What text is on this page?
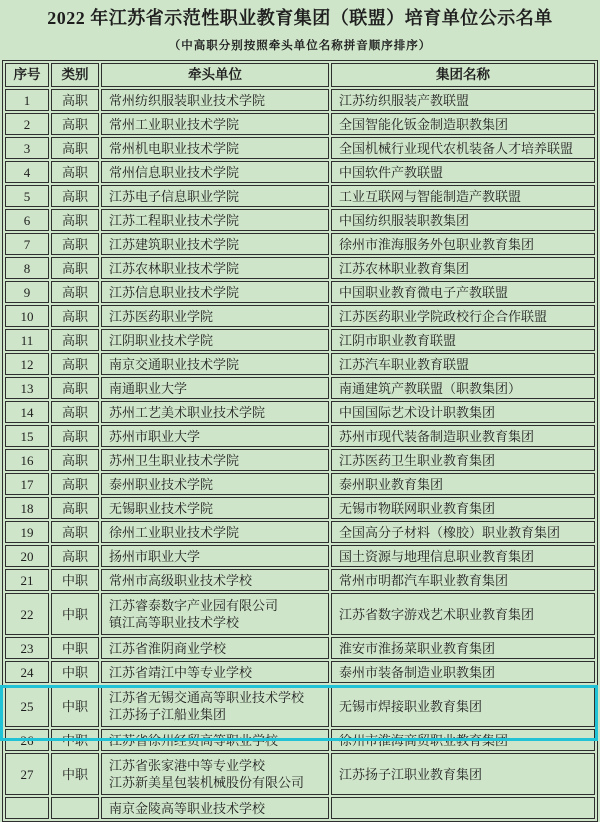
2022 年江苏省示范性职业教育集团（联盟）培育单位公示名单
（中高职分别按照牵头单位名称拼音顺序排序）
序号	类别	牵头单位	集团名称
1	高职	常州纺织服装职业技术学院	江苏纺织服装产教联盟
2	高职	常州工业职业技术学院	全国智能化钣金制造职教集团
3	高职	常州机电职业技术学院	全国机械行业现代农机装备人才培养联盟
4	高职	常州信息职业技术学院	中国软件产教联盟
5	高职	江苏电子信息职业学院	工业互联网与智能制造产教联盟
6	高职	江苏工程职业技术学院	中国纺织服装职教集团
7	高职	江苏建筑职业技术学院	徐州市淮海服务外包职业教育集团
8	高职	江苏农林职业技术学院	江苏农林职业教育集团
9	高职	江苏信息职业技术学院	中国职业教育微电子产教联盟
10	高职	江苏医药职业学院	江苏医药职业学院政校行企合作联盟
11	高职	江阴职业技术学院	江阴市职业教育联盟
12	高职	南京交通职业技术学院	江苏汽车职业教育联盟
13	高职	南通职业大学	南通建筑产教联盟（职教集团）
14	高职	苏州工艺美术职业技术学院	中国国际艺术设计职教集团
15	高职	苏州市职业大学	苏州市现代装备制造职业教育集团
16	高职	苏州卫生职业技术学院	江苏医药卫生职业教育集团
17	高职	泰州职业技术学院	泰州职业教育集团
18	高职	无锡职业技术学院	无锡市物联网职业教育集团
19	高职	徐州工业职业技术学院	全国高分子材料（橡胶）职业教育集团
20	高职	扬州市职业大学	国土资源与地理信息职业教育集团
21	中职	常州市高级职业技术学校	常州市明都汽车职业教育集团
22	中职	江苏睿泰数字产业园有限公司
镇江高等职业技术学校	江苏省数字游戏艺术职业教育集团
23	中职	江苏省淮阴商业学校	淮安市淮扬菜职业教育集团
24	中职	江苏省靖江中等专业学校	泰州市装备制造业职教集团
25	中职	江苏省无锡交通高等职业技术学校
江苏扬子江船业集团	无锡市焊接职业教育集团
26	中职	江苏省徐州经贸高等职业学校	徐州市淮海商贸职业教育集团
27	中职	江苏省张家港中等专业学校
江苏新美星包装机械股份有限公司	江苏扬子江职业教育集团

		南京金陵高等职业技术学校	
